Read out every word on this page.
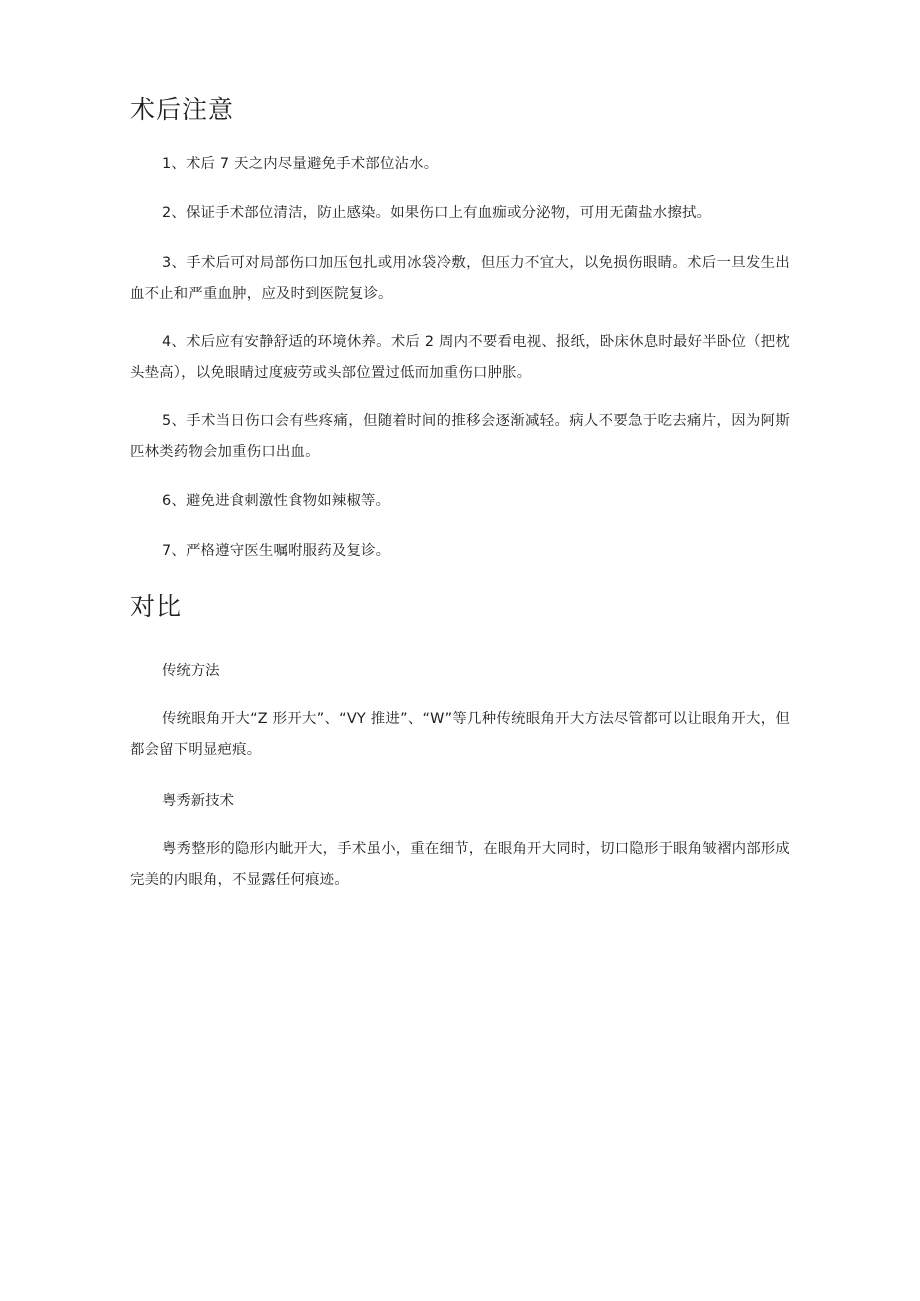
术后注意

1、术后 7 天之内尽量避免手术部位沾水。

2、保证手术部位清洁，防止感染。如果伤口上有血痂或分泌物，可用无菌盐水擦拭。

3、手术后可对局部伤口加压包扎或用冰袋冷敷，但压力不宜大，以免损伤眼睛。术后一旦发生出血不止和严重血肿，应及时到医院复诊。

4、术后应有安静舒适的环境休养。术后 2 周内不要看电视、报纸，卧床休息时最好半卧位（把枕头垫高），以免眼睛过度疲劳或头部位置过低而加重伤口肿胀。

5、手术当日伤口会有些疼痛，但随着时间的推移会逐渐减轻。病人不要急于吃去痛片，因为阿斯匹林类药物会加重伤口出血。

6、避免进食刺激性食物如辣椒等。

7、严格遵守医生嘱咐服药及复诊。

对比

传统方法

传统眼角开大“Z 形开大”、“VY 推进”、“W”等几种传统眼角开大方法尽管都可以让眼角开大，但都会留下明显疤痕。

粤秀新技术

粤秀整形的隐形内眦开大，手术虽小，重在细节，在眼角开大同时，切口隐形于眼角皱褶内部形成完美的内眼角，不显露任何痕迹。
